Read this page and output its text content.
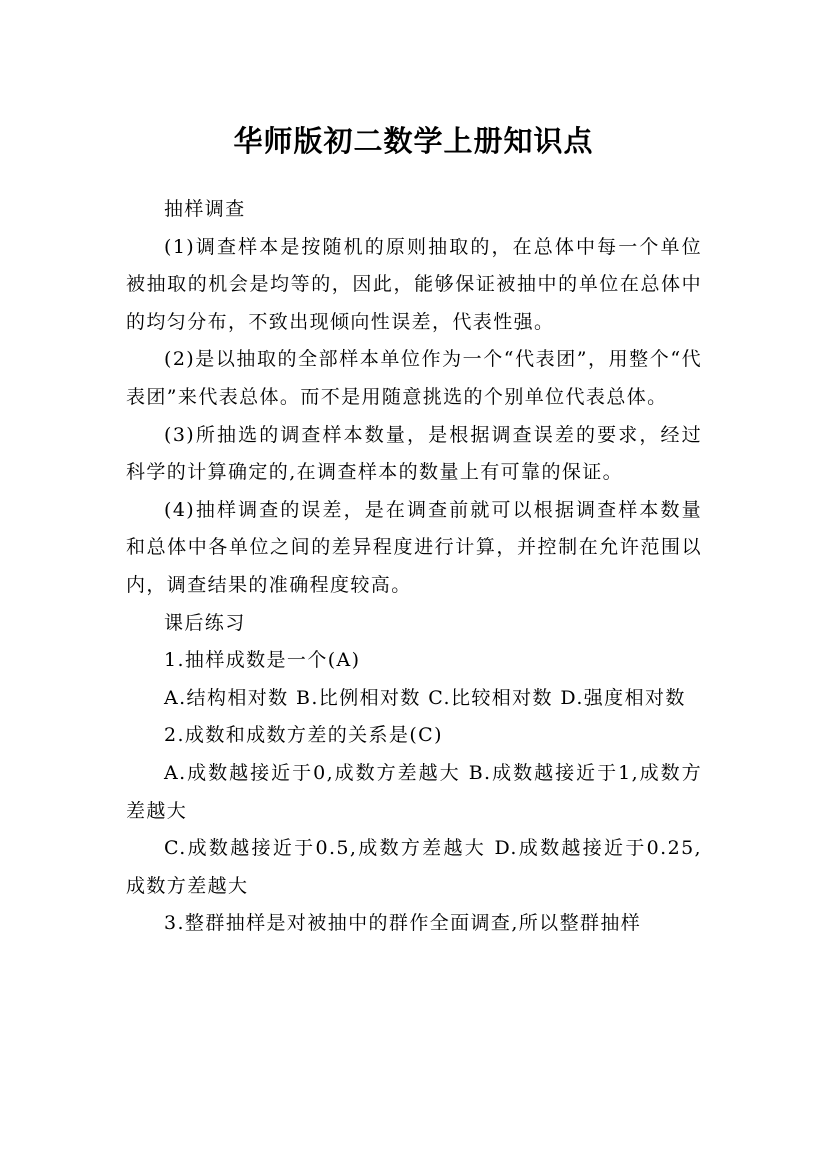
华师版初二数学上册知识点

抽样调查

(1)调查样本是按随机的原则抽取的，在总体中每一个单位被抽取的机会是均等的，因此，能够保证被抽中的单位在总体中的均匀分布，不致出现倾向性误差，代表性强。

(2)是以抽取的全部样本单位作为一个“代表团”，用整个“代表团”来代表总体。而不是用随意挑选的个别单位代表总体。

(3)所抽选的调查样本数量，是根据调查误差的要求，经过科学的计算确定的,在调查样本的数量上有可靠的保证。

(4)抽样调查的误差，是在调查前就可以根据调查样本数量和总体中各单位之间的差异程度进行计算，并控制在允许范围以内，调查结果的准确程度较高。

课后练习

1.抽样成数是一个(A)

A.结构相对数 B.比例相对数 C.比较相对数 D.强度相对数

2.成数和成数方差的关系是(C)

A.成数越接近于0,成数方差越大 B.成数越接近于1,成数方差越大

C.成数越接近于0.5,成数方差越大 D.成数越接近于0.25,成数方差越大

3.整群抽样是对被抽中的群作全面调查,所以整群抽样
